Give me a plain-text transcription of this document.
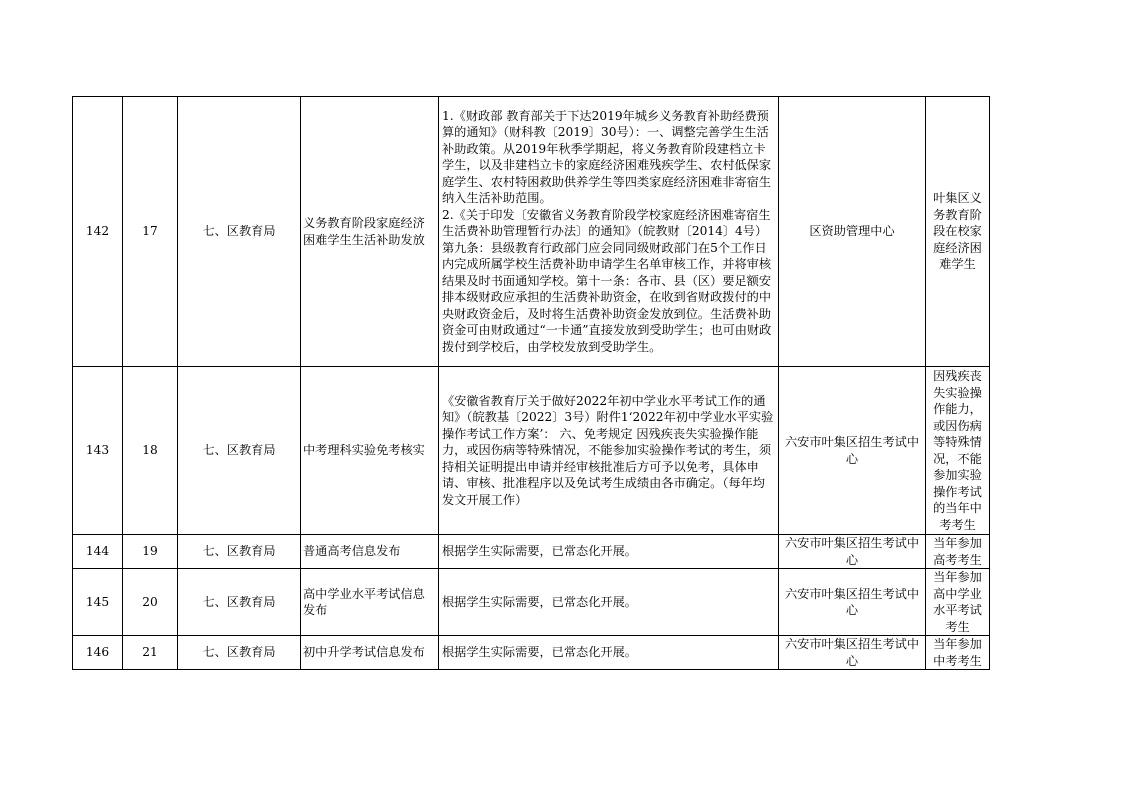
142	17	七、区教育局	义务教育阶段家庭经济困难学生生活补助发放	1.《财政部 教育部关于下达2019年城乡义务教育补助经费预算的通知》（财科教〔2019〕30号）：一、调整完善学生生活补助政策。从2019年秋季学期起，将义务教育阶段建档立卡学生，以及非建档立卡的家庭经济困难残疾学生、农村低保家庭学生、农村特困救助供养学生等四类家庭经济困难非寄宿生纳入生活补助范围。
2.《关于印发〔安徽省义务教育阶段学校家庭经济困难寄宿生生活费补助管理暂行办法〕的通知》（皖教财〔2014〕4号）第九条：县级教育行政部门应会同同级财政部门在5个工作日内完成所属学校生活费补助申请学生名单审核工作，并将审核结果及时书面通知学校。第十一条：各市、县（区）要足额安排本级财政应承担的生活费补助资金，在收到省财政拨付的中央财政资金后，及时将生活费补助资金发放到位。生活费补助资金可由财政通过“一卡通”直接发放到受助学生；也可由财政拨付到学校后，由学校发放到受助学生。	区资助管理中心	叶集区义务教育阶段在校家庭经济困难学生
143	18	七、区教育局	中考理科实验免考核实	《安徽省教育厅关于做好2022年初中学业水平考试工作的通知》（皖教基〔2022〕3号）附件1‘2022年初中学业水平实验操作考试工作方案’： 六、免考规定 因残疾丧失实验操作能力，或因伤病等特殊情况，不能参加实验操作考试的考生，须持相关证明提出申请并经审核批准后方可予以免考，具体申请、审核、批准程序以及免试考生成绩由各市确定。（每年均发文开展工作）	六安市叶集区招生考试中心	因残疾丧失实验操作能力，或因伤病等特殊情况，不能参加实验操作考试的当年中考考生
144	19	七、区教育局	普通高考信息发布	根据学生实际需要，已常态化开展。	六安市叶集区招生考试中心	当年参加高考考生
145	20	七、区教育局	高中学业水平考试信息发布	根据学生实际需要，已常态化开展。	六安市叶集区招生考试中心	当年参加高中学业水平考试考生
146	21	七、区教育局	初中升学考试信息发布	根据学生实际需要，已常态化开展。	六安市叶集区招生考试中心	当年参加中考考生
